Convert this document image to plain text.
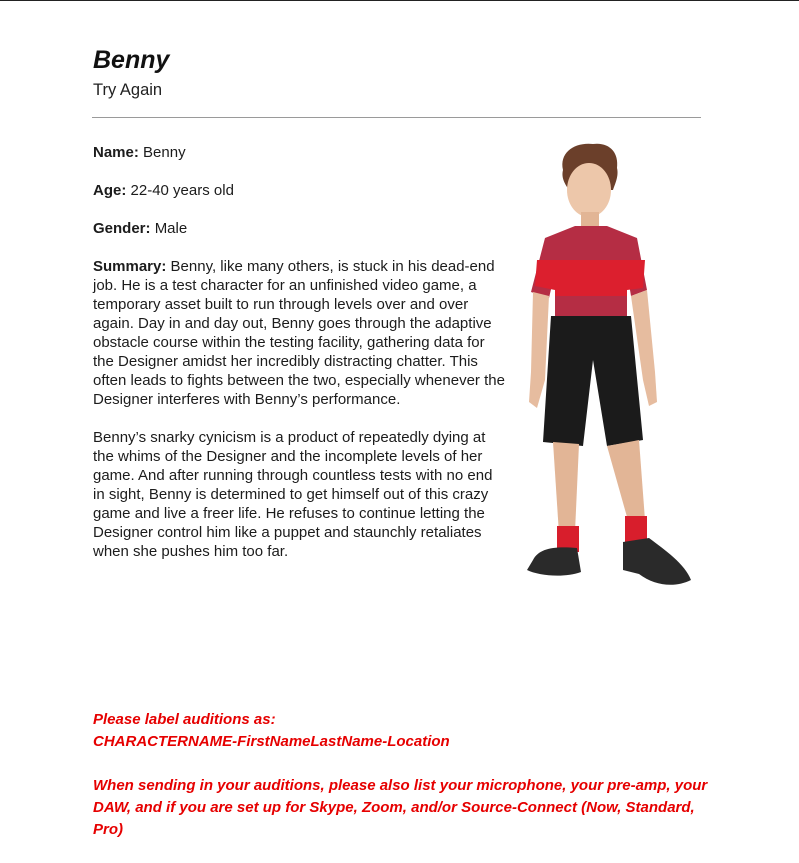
Benny
Try Again

Name: Benny

Age: 22-40 years old

Gender: Male

Summary: Benny, like many others, is stuck in his dead-end job. He is a test character for an unfinished video game, a temporary asset built to run through levels over and over again. Day in and day out, Benny goes through the adaptive obstacle course within the testing facility, gathering data for the Designer amidst her incredibly distracting chatter. This often leads to fights between the two, especially whenever the Designer interferes with Benny’s performance.

Benny’s snarky cynicism is a product of repeatedly dying at the whims of the Designer and the incomplete levels of her game. And after running through countless tests with no end in sight, Benny is determined to get himself out of this crazy game and live a freer life. He refuses to continue letting the Designer control him like a puppet and staunchly retaliates when she pushes him too far.

Please label auditions as:
CHARACTERNAME-FirstNameLastName-Location

When sending in your auditions, please also list your microphone, your pre-amp, your DAW, and if you are set up for Skype, Zoom, and/or Source-Connect (Now, Standard, Pro)
